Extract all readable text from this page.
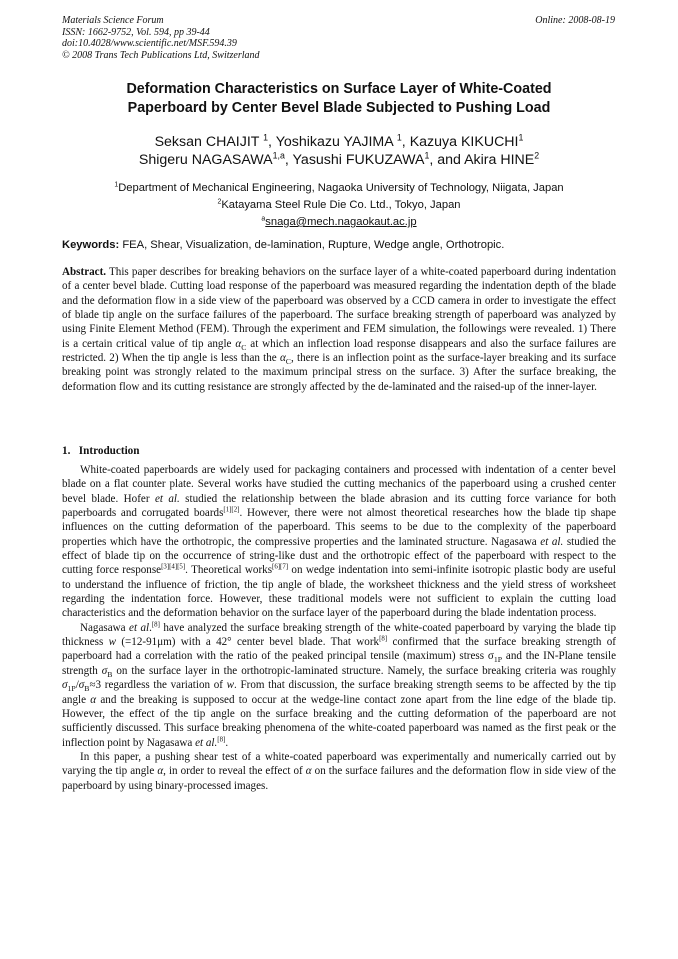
Materials Science Forum
ISSN: 1662-9752, Vol. 594, pp 39-44
doi:10.4028/www.scientific.net/MSF.594.39
© 2008 Trans Tech Publications Ltd, Switzerland
Online: 2008-08-19
Deformation Characteristics on Surface Layer of White-Coated
Paperboard by Center Bevel Blade Subjected to Pushing Load
Seksan CHAIJIT $^1$, Yoshikazu YAJIMA $^1$, Kazuya KIKUCHI$^1$
Shigeru NAGASAWA$^{1,a}$, Yasushi FUKUZAWA$^1$, and Akira HINE$^2$
$^1$Department of Mechanical Engineering, Nagaoka University of Technology, Niigata, Japan
$^2$Katayama Steel Rule Die Co. Ltd., Tokyo, Japan
$^a$snaga@mech.nagaokaut.ac.jp
Keywords: FEA, Shear, Visualization, de-lamination, Rupture, Wedge angle, Orthotropic.
Abstract. This paper describes for breaking behaviors on the surface layer of a white-coated paperboard during indentation of a center bevel blade. Cutting load response of the paperboard was measured regarding the indentation depth of the blade and the deformation flow in a side view of the paperboard was observed by a CCD camera in order to investigate the effect of blade tip angle on the surface failures of the paperboard. The surface breaking strength of paperboard was analyzed by using Finite Element Method (FEM). Through the experiment and FEM simulation, the followings were revealed. 1) There is a certain critical value of tip angle $\alpha_C$ at which an inflection load response disappears and also the surface failures are restricted. 2) When the tip angle is less than the $\alpha_C$, there is an inflection point as the surface-layer breaking and its surface breaking point was strongly related to the maximum principal stress on the surface. 3) After the surface breaking, the deformation flow and its cutting resistance are strongly affected by the de-laminated and the raised-up of the inner-layer.
1.   Introduction

White-coated paperboards are widely used for packaging containers and processed with indentation of a center bevel blade on a flat counter plate. Several works have studied the cutting mechanics of the paperboard using a crushed center bevel blade. Hofer et al. studied the relationship between the blade abrasion and its cutting force variance for both paperboards and corrugated boards[1][2]. However, there were not almost theoretical researches how the blade tip shape influences on the cutting deformation of the paperboard. This seems to be due to the complexity of the paperboard properties which have the orthotropic, the compressive properties and the laminated structure. Nagasawa et al. studied the effect of blade tip on the occurrence of string-like dust and the orthotropic effect of the paperboard with respect to the cutting force response[3][4][5]. Theoretical works[6][7] on wedge indentation into semi-infinite isotropic plastic body are useful to understand the influence of friction, the tip angle of blade, the worksheet thickness and the yield stress of worksheet regarding the indentation force. However, these traditional models were not sufficient to explain the cutting load characteristics and the deformation behavior on the surface layer of the paperboard during the blade indentation process.

Nagasawa et al.[8] have analyzed the surface breaking strength of the white-coated paperboard by varying the blade tip thickness w (=12-91μm) with a 42° center bevel blade. That work[8] confirmed that the surface breaking strength of paperboard had a correlation with the ratio of the peaked principal tensile (maximum) stress $\sigma_{1P}$ and the IN-Plane tensile strength $\sigma_B$ on the surface layer in the orthotropic-laminated structure. Namely, the surface breaking criteria was roughly $\sigma_{1P}/\sigma_B\approx 3$ regardless the variation of w. From that discussion, the surface breaking strength seems to be affected by the tip angle α and the breaking is supposed to occur at the wedge-line contact zone apart from the line edge of the blade tip. However, the effect of the tip angle on the surface breaking and the cutting deformation of the paperboard are not sufficiently discussed. This surface breaking phenomena of the white-coated paperboard was named as the first peak or the inflection point by Nagasawa et al.[8].

In this paper, a pushing shear test of a white-coated paperboard was experimentally and numerically carried out by varying the tip angle α, in order to reveal the effect of α on the surface failures and the deformation flow in side view of the paperboard by using binary-processed images.
